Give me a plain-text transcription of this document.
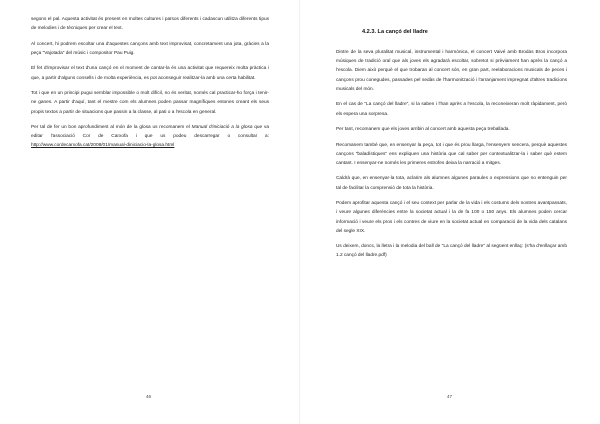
segons el pal. Aquesta activitat és present en moltes cultures i països diferents i cadascun utilitza diferents tipus de melodies i de tècniques per crear el text.

Al concert, hi podrem escoltar una d'aquestes cançons amb text improvisat, concretament una jota, gràcies a la peça "Vajotada" del músic i compositor Pau Puig.

El fet d'improvisar el text d'una cançó en el moment de cantar-la és una activitat que requereix molta pràctica i que, a partir d'alguns consells i de molta experiència, es pot aconseguir realitzar-la amb una certa habilitat.

Tot i que en un principi pugui semblar impossible o molt difícil, no és veritat, només cal practicar-ho força i tenir-ne ganes. A partir d'aquí, tant el mestre com els alumnes poden passar magnífiques estones creant els seus propis textos a partir de situacions que passin a la classe, al pati o a l'escola en general.

Per tal de fer un bon aprofundiment al món de la glosa us recomanem el Manual d'iniciació a la glosa que va editar l'associació Cor de Carxofa i que us podeu descarregar o consultar a: http://www.cordecarxofa.cat/2008/01/manual-diniciacio-la-glosa.html

46
4.2.3. La cançó del lladre

Dintre de la seva pluralitat musical, instrumental i harmònica, el concert Vaivé amb Brodas Bros incorpora músiques de tradició oral que als joves els agradarà escoltar, sobretot si prèviament han après la cançó a l'escola. Diem això perquè el que trobaran al concert són, en gran part, reelaboracions musicals de peces i cançons prou conegudes, passades pel sedàs de l'harmonització i l'arranjament impregnat d'altres tradicions musicals del món.

En el cas de "La cançó del lladre", si la saben i l'han après a l'escola, la reconeixeran molt ràpidament, però els espera una sorpresa.

Per tant, recomanem que els joves arribin al concert amb aquesta peça treballada.

Recomanem també que, en ensenyar la peça, tot i que és prou llarga, l'ensenyem sencera, perquè aquestes cançons "baladístiques" ens expliquen una història que cal saber per contextualitzar-la i saber què estem cantant. I ensenyar-ne només les primeres estrofes deixa la narració a mitges.

Caldrà que, en ensenyar-la tota, aclarim als alumnes algunes paraules o expressions que no entenguin per tal de facilitar la comprensió de tota la història.

Podem aprofitar aquesta cançó i el seu context per parlar de la vida i els costums dels nostres avantpassats, i veure algunes diferències entre la societat actual i la de fa 100 o 150 anys. Els alumnes poden cercar informació i veure els pros i els contres de viure en la societat actual en comparació de la vida dels catalans del segle XIX.

Us deixem, doncs, la lletra i la melodia del ball de "La cançó del lladre" al següent enllaç: (s'ha d'enllaçar amb 1.2 cançó del lladre.pdf)

47
